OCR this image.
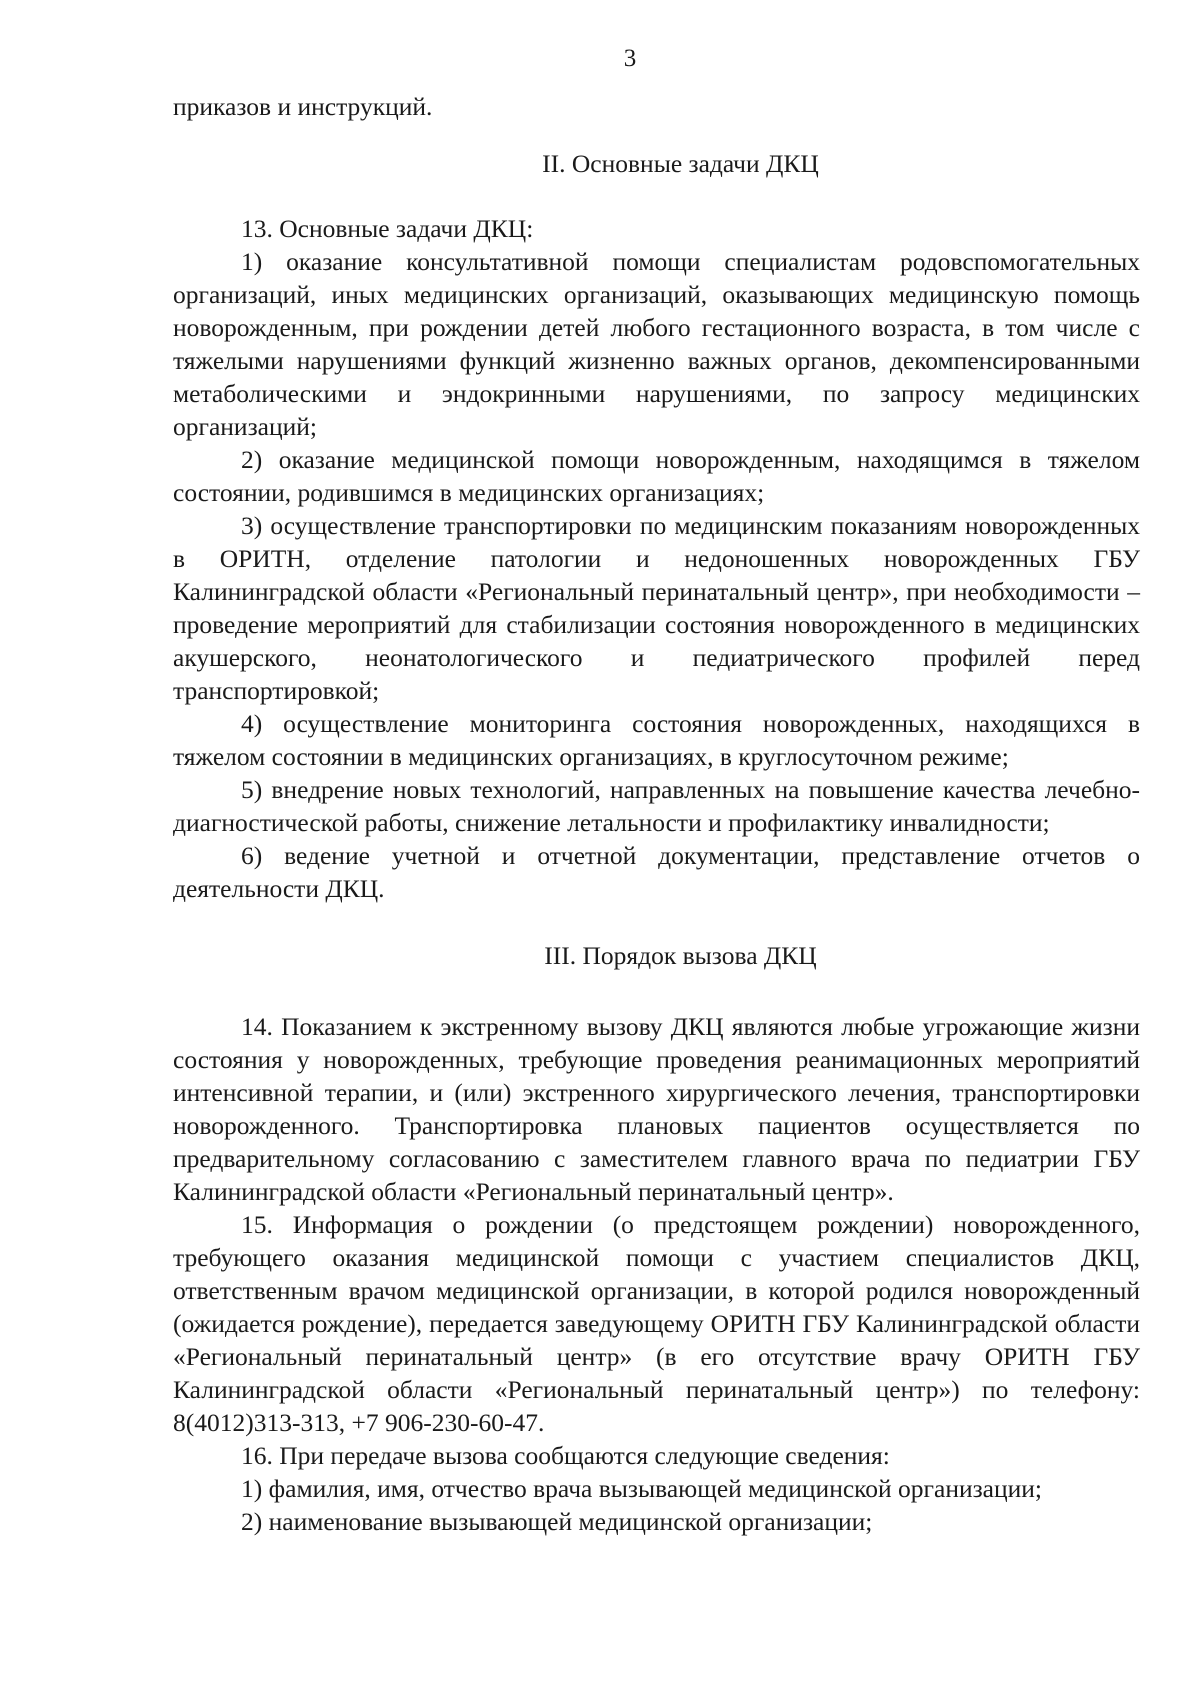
3

приказов и инструкций.

II. Основные задачи ДКЦ

13. Основные задачи ДКЦ:

1) оказание консультативной помощи специалистам родовспомогательных организаций, иных медицинских организаций, оказывающих медицинскую помощь новорожденным, при рождении детей любого гестационного возраста, в том числе с тяжелыми нарушениями функций жизненно важных органов, декомпенсированными метаболическими и эндокринными нарушениями, по запросу медицинских организаций;

2) оказание медицинской помощи новорожденным, находящимся в тяжелом состоянии, родившимся в медицинских организациях;

3) осуществление транспортировки по медицинским показаниям новорожденных в ОРИТН, отделение патологии и недоношенных новорожденных ГБУ Калининградской области «Региональный перинатальный центр», при необходимости – проведение мероприятий для стабилизации состояния новорожденного в медицинских акушерского, неонатологического и педиатрического профилей перед транспортировкой;

4) осуществление мониторинга состояния новорожденных, находящихся в тяжелом состоянии в медицинских организациях, в круглосуточном режиме;

5) внедрение новых технологий, направленных на повышение качества лечебно-диагностической работы, снижение летальности и профилактику инвалидности;

6) ведение учетной и отчетной документации, представление отчетов о деятельности ДКЦ.

III. Порядок вызова ДКЦ

14. Показанием к экстренному вызову ДКЦ являются любые угрожающие жизни состояния у новорожденных, требующие проведения реанимационных мероприятий интенсивной терапии, и (или) экстренного хирургического лечения, транспортировки новорожденного. Транспортировка плановых пациентов осуществляется по предварительному согласованию с заместителем главного врача по педиатрии ГБУ Калининградской области «Региональный перинатальный центр».

15. Информация о рождении (о предстоящем рождении) новорожденного, требующего оказания медицинской помощи с участием специалистов ДКЦ, ответственным врачом медицинской организации, в которой родился новорожденный (ожидается рождение), передается заведующему ОРИТН ГБУ Калининградской области «Региональный перинатальный центр» (в его отсутствие врачу ОРИТН ГБУ Калининградской области «Региональный перинатальный центр») по телефону: 8(4012)313-313, +7 906-230-60-47.

16. При передаче вызова сообщаются следующие сведения:

1) фамилия, имя, отчество врача вызывающей медицинской организации;

2) наименование вызывающей медицинской организации;
